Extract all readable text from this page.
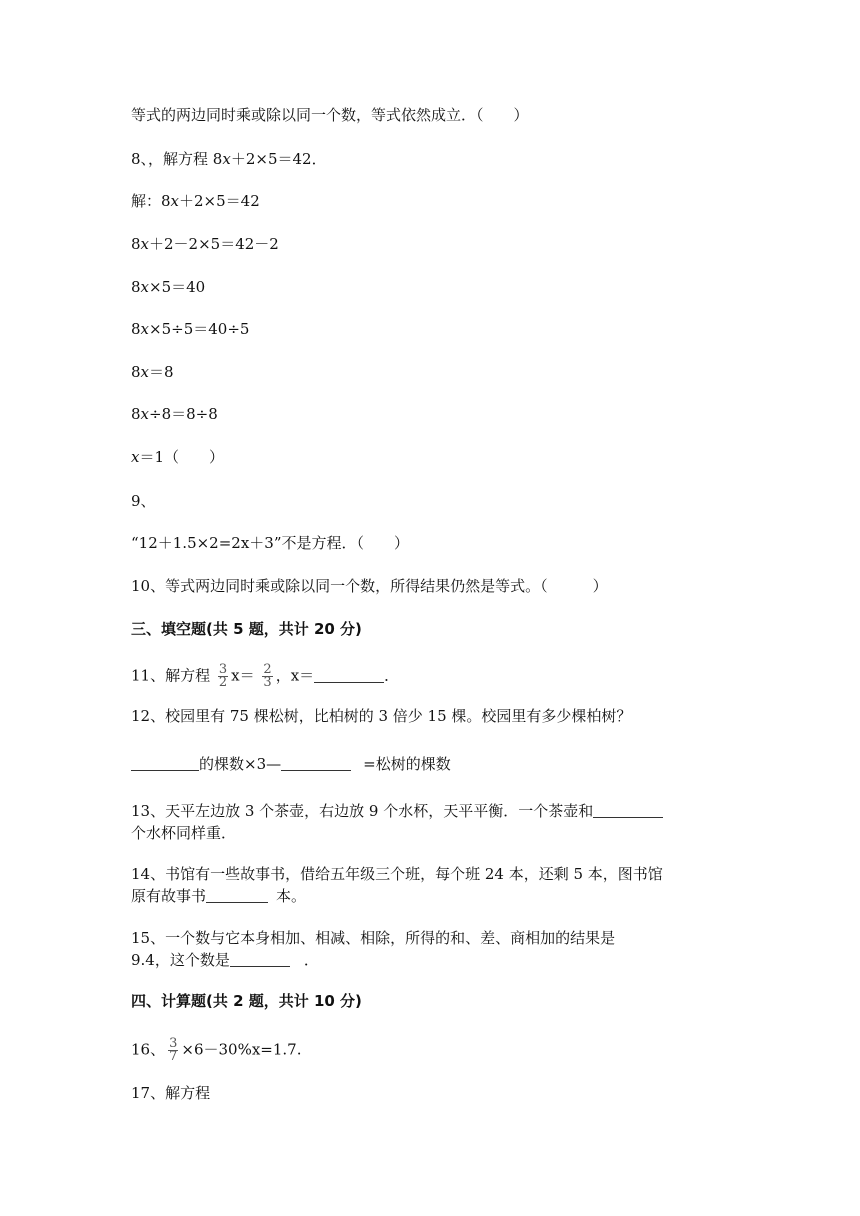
等式的两边同时乘或除以同一个数，等式依然成立．（　　）
8、，解方程 8x＋2×5＝42．
解：8x＋2×5＝42
8x＋2－2×5＝42－2
8x×5＝40
8x×5÷5＝40÷5
8x＝8
8x÷8＝8÷8
x＝1（　　）
9、
“12＋1.5×2=2x＋3”不是方程．（　　）
10、等式两边同时乘或除以同一个数，所得结果仍然是等式。（　　　）
三、填空题(共 5 题，共计 20 分)
11、解方程 $\frac{3}{2} x= \frac{2}{3}$ ，x＝	．
12、校园里有 75 棵松树，比柏树的 3 倍少 15 棵。校园里有多少棵柏树？
的棵数×3—	=松树的棵数
13、天平左边放 3 个茶壶，右边放 9 个水杯，天平平衡．一个茶壶和
个水杯同样重．
14、书馆有一些故事书，借给五年级三个班，每个班 24 本，还剩 5 本，图书馆
原有故事书	本。
15、一个数与它本身相加、相减、相除，所得的和、差、商相加的结果是
9.4，这个数是	．
四、计算题(共 2 题，共计 10 分)
16、 $\frac{3}{7} \times 6-30\%x=1.7$.
17、解方程
